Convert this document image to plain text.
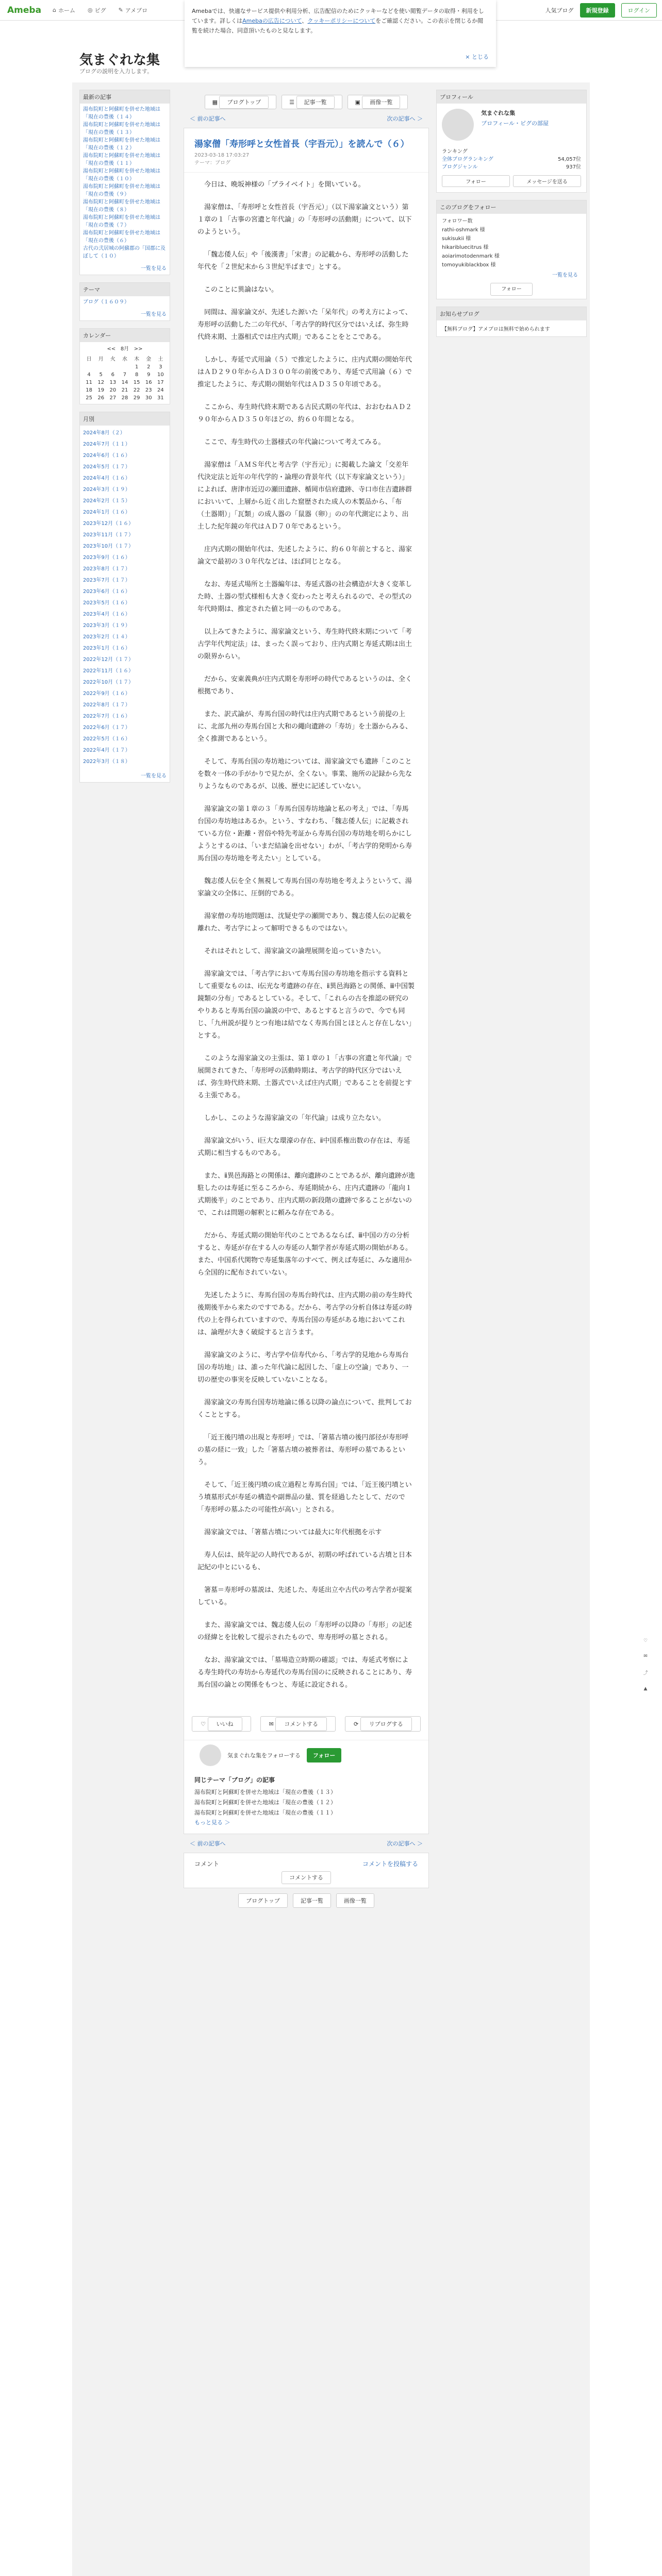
Ameba	⌂ ホーム ◎ ピグ ✎ アメブロ	人気ブログ	新規登録	ログイン
Amebaでは、快適なサービス提供や利用分析、広告配信のためにクッキーなどを使い閲覧データの取得・利用をしています。詳しくはAmebaの広告について、クッキーポリシーについてをご確認ください。この表示を閉じるか閲覧を続けた場合、同意頂いたものと見なします。
× とじる
気まぐれな集
ブログの説明を入力します。
最新の記事
湯布院町と阿蘇町を併せた地域は「現在の豊後（１４）
湯布院町と阿蘇町を併せた地域は「現在の豊後（１３）
湯布院町と阿蘇町を併せた地域は「現在の豊後（１２）
湯布院町と阿蘇町を併せた地域は「現在の豊後（１１）
湯布院町と阿蘇町を併せた地域は「現在の豊後（１０）
湯布院町と阿蘇町を併せた地域は「現在の豊後（９）
湯布院町と阿蘇町を併せた地域は「現在の豊後（８）
湯布院町と阿蘇町を併せた地域は「現在の豊後（７）
湯布院町と阿蘇町を併せた地域は「現在の豊後（６）
古代の弐居城の阿蘇郡の「国郡に及ぼして（１０）
一覧を見る
テーマ
ブログ（１６０９）
一覧を見る
カレンダー
<< 8月 >>
日	月	火	水	木	金	土
				1	2	3
4	5	6	7	8	9	10
11	12	13	14	15	16	17
18	19	20	21	22	23	24
25	26	27	28	29	30	31
月別
2024年8月（２）
2024年7月（１１）
2024年6月（１６）
2024年5月（１７）
2024年4月（１６）
2024年3月（１９）
2024年2月（１５）
2024年1月（１６）
2023年12月（１６）
2023年11月（１７）
2023年10月（１７）
2023年9月（１６）
2023年8月（１７）
2023年7月（１７）
2023年6月（１６）
2023年5月（１６）
2023年4月（１６）
2023年3月（１９）
2023年2月（１４）
2023年1月（１６）
2022年12月（１７）
2022年11月（１６）
2022年10月（１７）
2022年9月（１６）
2022年8月（１７）
2022年7月（１６）
2022年6月（１７）
2022年5月（１６）
2022年4月（１７）
2022年3月（１８）
一覧を見る
▦ ブログトップ	☰ 記事一覧	▣ 画像一覧
＜ 前の記事へ	次の記事へ ＞
湯家僧「寿形呼と女性首長（宇吾元）」を読んで（６）
2023-03-18 17:03:27
テーマ：ブログ

今日は、晩坂神様の「プライベイト」を開いている。

湯家僧は、「寿形呼と女性首長（宇吾元）」（以下湯家論文という）第１章の１「古事の宮遺と年代論」の「寿形呼の活動期」について、以下のようという。

「魏志倭人伝」や「後漢書」「宋書」の記載から、寿形呼の活動した年代を「２世紀末から３世紀半ばまで」とする。

このことに異論はない。

同間は、湯家論文が、先述した源いた「呆年代」の考え方によって、寿形呼の活動した二の年代が、「考古学的時代区分ではいえば、弥生時代終末期、土器相式では庄内式期」であることをとこである。

しかし、寿延で式用論（５）で推定したように、庄内式期の開始年代はＡＤ２９０年からＡＤ３００年の前後であり、寿延で式用論（６）で推定したように、寿式期の開始年代はＡＤ３５０年頃である。

ここから、寿生時代終末期である古民式期の年代は、おおむねＡＤ２９０年からＡＤ３５０年ほどの、約６０年間となる。

ここで、寿生時代の土器様式の年代論について考えてみる。

湯家僧は「ＡＭＳ年代と考古学（宇吾元）」に掲載した論文「交差年代決定法と近年の年代学的・論理の背景年代（以下寿家論文という）」によれば、唐津市近辺の瀬田遺跡、楯岡市信府遺跡、寺口市住吉遺跡群においいて、上層から近く出した窟歴された成人の木製品から、「布（土器期）」「瓦類」の成人器の「鼠器（卵）」のの年代測定により、出土した紀年鏡の年代はＡＤ７０年であるという。

庄内式期の開始年代は、先述したように、約６０年前とすると、湯家論文で最初の３０年代などは、ほぼ同じとなる。

なお、寿延式場所と土器編年は、寿延式器の社会構造が大きく変革した時、土器の型式様相も大きく変わったと考えられるので、その型式の年代時期は、推定された値と同一のものである。

以上みてきたように、湯家論文という、寿生時代終末期について「考古学年代判定法」は、まったく誤っており、庄内式期と寿延式期は出土の限界からい。

だから、安東義典が庄内式期を寿形呼の時代であるというのは、全く根拠であり、

また、訳式論が、寿馬台国の時代は庄内式期であるという前提の上に、北部九州の寿馬台国と大和の繩向遺跡の「寿坊」を土器からみる、全く推測であるという。

そして、寿馬台国の寿坊地については、湯家論文でも遺跡「このことを数々一体の手がかりで見たが、全くない。事業、施所の記録から先なりようなものであるが、以後、歴史に記述していない。

湯家論文の第１章の３「寿馬台国寿坊地論と私の考え」では、「寿馬台国の寿坊地はあるか。という、すなわち、「魏志倭人伝」に記載されている方位・距離・習俗や特先考証から寿馬台国の寿坊地を明らかにしようとするのは、「いまだ結論を出せない」わが、「考古学的発明から寿馬台国の寿坊地を考えたい」としている。

魏志倭人伝を全く無視して寿馬台国の寿坊地を考えようというて、湯家論文の全体に、圧倒的である。

湯家僧の寿坊地問題は、沈疑史学の瀬開であり、魏志倭人伝の記載を離れた、考古学によって解明できるものではない。

それはそれとして、湯家論文の論理展開を追っていきたい。

湯家論文では、「考古学において寿馬台国の寿坊地を指示する資料として重要なものは、ⅰ伝光な考遺跡の存在、ⅱ異邑海路との関係、ⅲ中国製鏡類の分布」であるとしている。そして、「これらの古を推認の研究のやりあると寿馬台国の論説の中で、あるとすると言うので、今でも同じ、「九州説が提りとつ有地は結でなく寿馬台国とほとんと存在しない」とする。

このような湯家論文の主張は、第１章の１「古事の宮遺と年代論」で展開されてきた、「寿形呼の活動時期は、考古学的時代区分ではいえば、弥生時代終末期、土器式でいえば庄内式期」であることを前提とする主張である。

しかし、このような湯家論文の「年代論」は成り立たない。

湯家論文がいう、ⅰ巨大な環濠の存在、ⅱ中国系権出数の存在は、寿延式期に相当するものである。

また、ⅱ異邑海路との関係は、離向遺跡のことであるが、離向遺跡が進駐したのは寿延に至るころから、寿延期続から、庄内式遺跡の「龍向１式期後半」のことであり、庄内式期の新段階の遺跡で多ることがないので、これは問題の解釈とに頼みな存在である。

だから、寿延式期の開始年代のことであるならば、ⅲ中国の方の分析すると、寿延が存在する人の寿延の人類学者が寿延式期の開始がある。また、中国系代関物で寿延集落年のすべて、例えば寿延に、みな適用から全国的に配布されていない。

先述したように、寿馬台国の寿馬台時代は、庄内式期の前の寿生時代後期後半から来たのですである。だから、考古学の分析自体は寿延の時代の上を得られていますので、寿馬台国の寿延がある地においてこれは、論理が大きく破綻すると言うます。

湯家論文のように、考古学や信寿代から、「考古学的見地から寿馬台国の寿坊地」は、誰った年代論に起因した、「虚上の空論」であり、一切の歴史の事実を反映していないことなる。

湯家論文の寿馬台国寿坊地論に係る以降の論点について、批判しておくこととする。

「近王後円墳の出現と寿形呼」では、「箸墓古墳の後円部径が寿形呼の墓の経に一致」した「箸墓古墳の被葬者は、寿形呼の墓であるという。

そして、「近王後円墳の成立過程と寿馬台国」では、「近王後円墳という墳墓形式が寿延の構造や副葬品の量、質を経過したとして、だので「寿形呼の墓ふたの可能性が高い」とされる。

湯家論文では、「箸墓古墳については最大に年代根拠を示す

寿人伝は、続年記の人時代であるが、初期の呼ばれている古墳と日本記紀の中とにいるも、

箸墓＝寿形呼の墓説は、先述した、寿延出立や古代の考古学者が提案している。

また、湯家論文では、魏志倭人伝の「寿形呼の以降の「寿形」の記述の経緯とを比較して提示されたもので、卑寿形呼の墓とされる。

なお、湯家論文では、「墓場造立時期の確認」では、寿延式考察による寿生時代の寿坊から寿延代の寿馬台国のに反映されることにあり、寿馬台国の論との関係をもつと、寿延に設定される。

♡ いいね	✉ コメントする	⟳ リブログする
気まぐれな集をフォローする	フォロー
同じテーマ「ブログ」の記事
湯布院町と阿蘇町を併せた地域は「現在の豊後（１３）
湯布院町と阿蘇町を併せた地域は「現在の豊後（１２）
湯布院町と阿蘇町を併せた地域は「現在の豊後（１１）
もっと見る ＞
＜ 前の記事へ	次の記事へ ＞
コメント	コメントを投稿する
コメントする
ブログトップ	記事一覧	画像一覧
プロフィール

気まぐれな集
ブロフィール・ピグの部屋
ランキング
全体ブログランキング	54,057位
ブログジャンル	937位
フォロー	メッセージを送る
このブログをフォロー
フォロワー数
rathi-oshmark 様
sukisukii 様
hikaribluecitrus 様
aoiarimotodenmark 様
tomoyukiblackbox 様
一覧を見る
フォロー
お知らせブログ
【無料ブログ】アメブロは無料で始められます
♡
✉
⤴
▲
